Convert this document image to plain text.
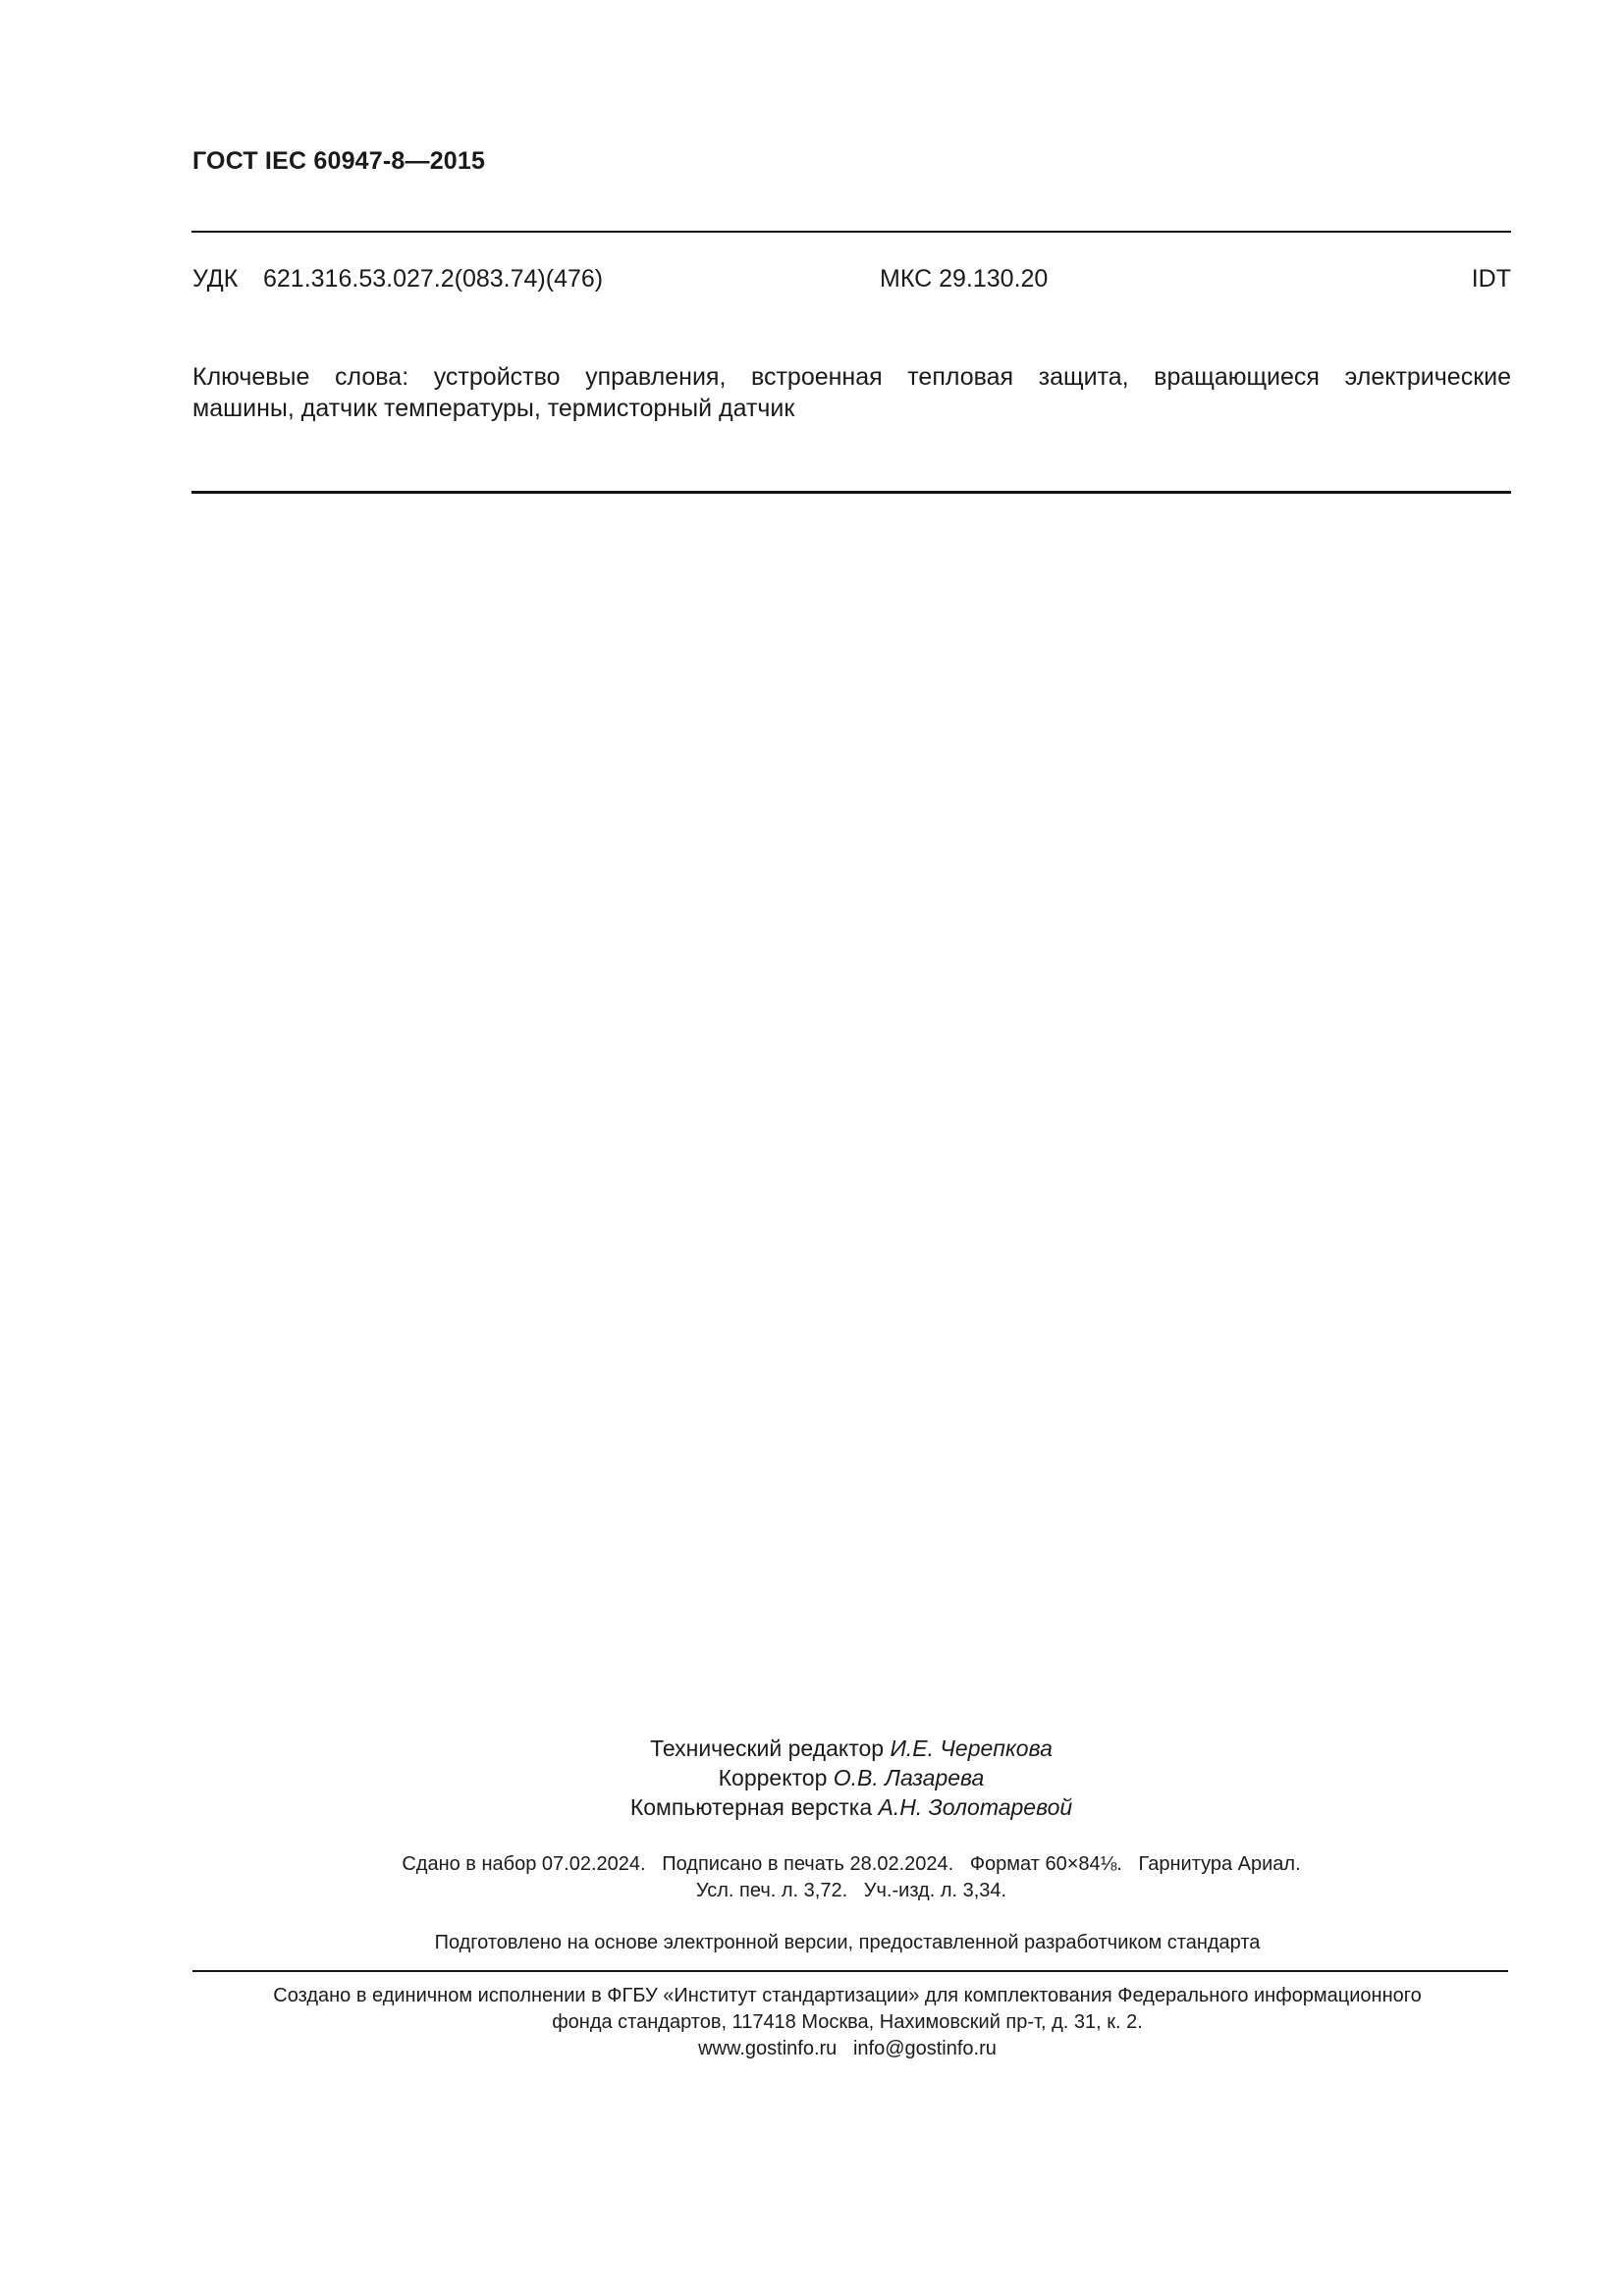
ГОСТ IEC 60947-8—2015
УДК 621.316.53.027.2(083.74)(476)	МКС 29.130.20	IDT
Ключевые слова: устройство управления, встроенная тепловая защита, вращающиеся электрические
машины, датчик температуры, термисторный датчик
Технический редактор И.Е. Черепкова
Корректор О.В. Лазарева
Компьютерная верстка А.Н. Золотаревой
Сдано в набор 07.02.2024.   Подписано в печать 28.02.2024.   Формат 60×84⅛.   Гарнитура Ариал.
Усл. печ. л. 3,72.   Уч.-изд. л. 3,34.
Подготовлено на основе электронной версии, предоставленной разработчиком стандарта
Создано в единичном исполнении в ФГБУ «Институт стандартизации» для комплектования Федерального информационного
фонда стандартов, 117418 Москва, Нахимовский пр-т, д. 31, к. 2.
www.gostinfo.ru info@gostinfo.ru
